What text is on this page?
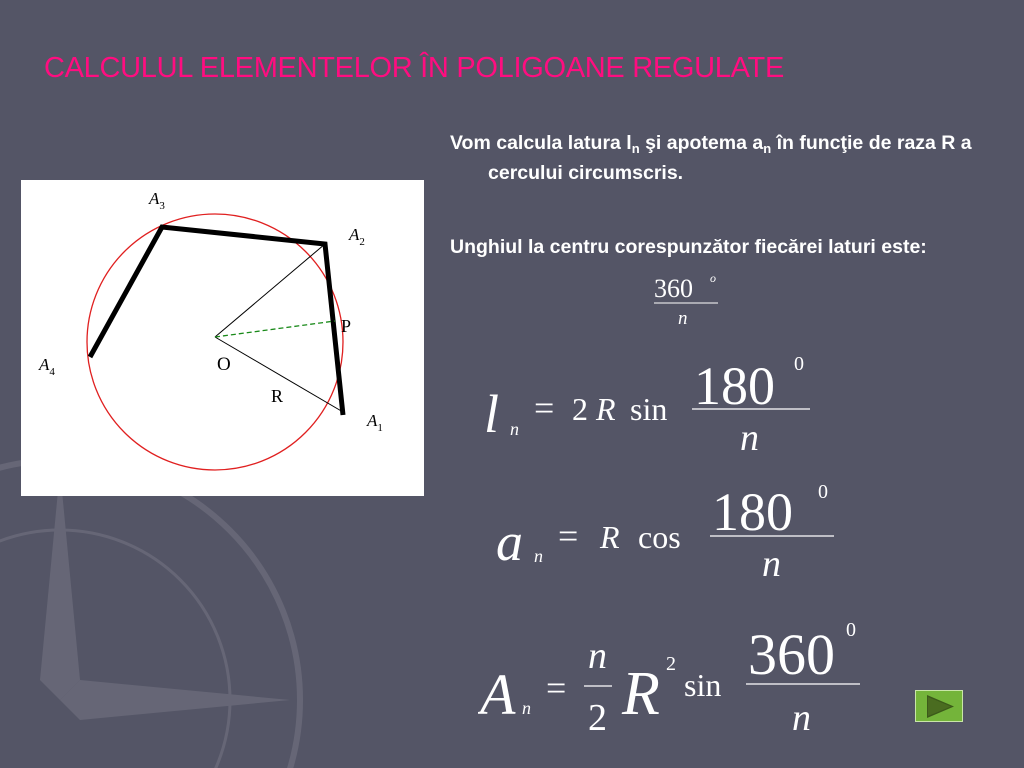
CALCULUL ELEMENTELOR ÎN POLIGOANE REGULATE
$A_3$
$A_2$
$A_4$
$A_1$
O
P
R

Vom calcula latura $l_n$ şi apotema $a_n$ în funcţie de raza R a cercului circumscris.

Unghiul la centru corespunzător fiecărei laturi este:

360 o
n
l n
= 2 R sin 180 0
n
a n = R cos 180 0
n
A n =
n
2 R 2
sin 360 0
n
